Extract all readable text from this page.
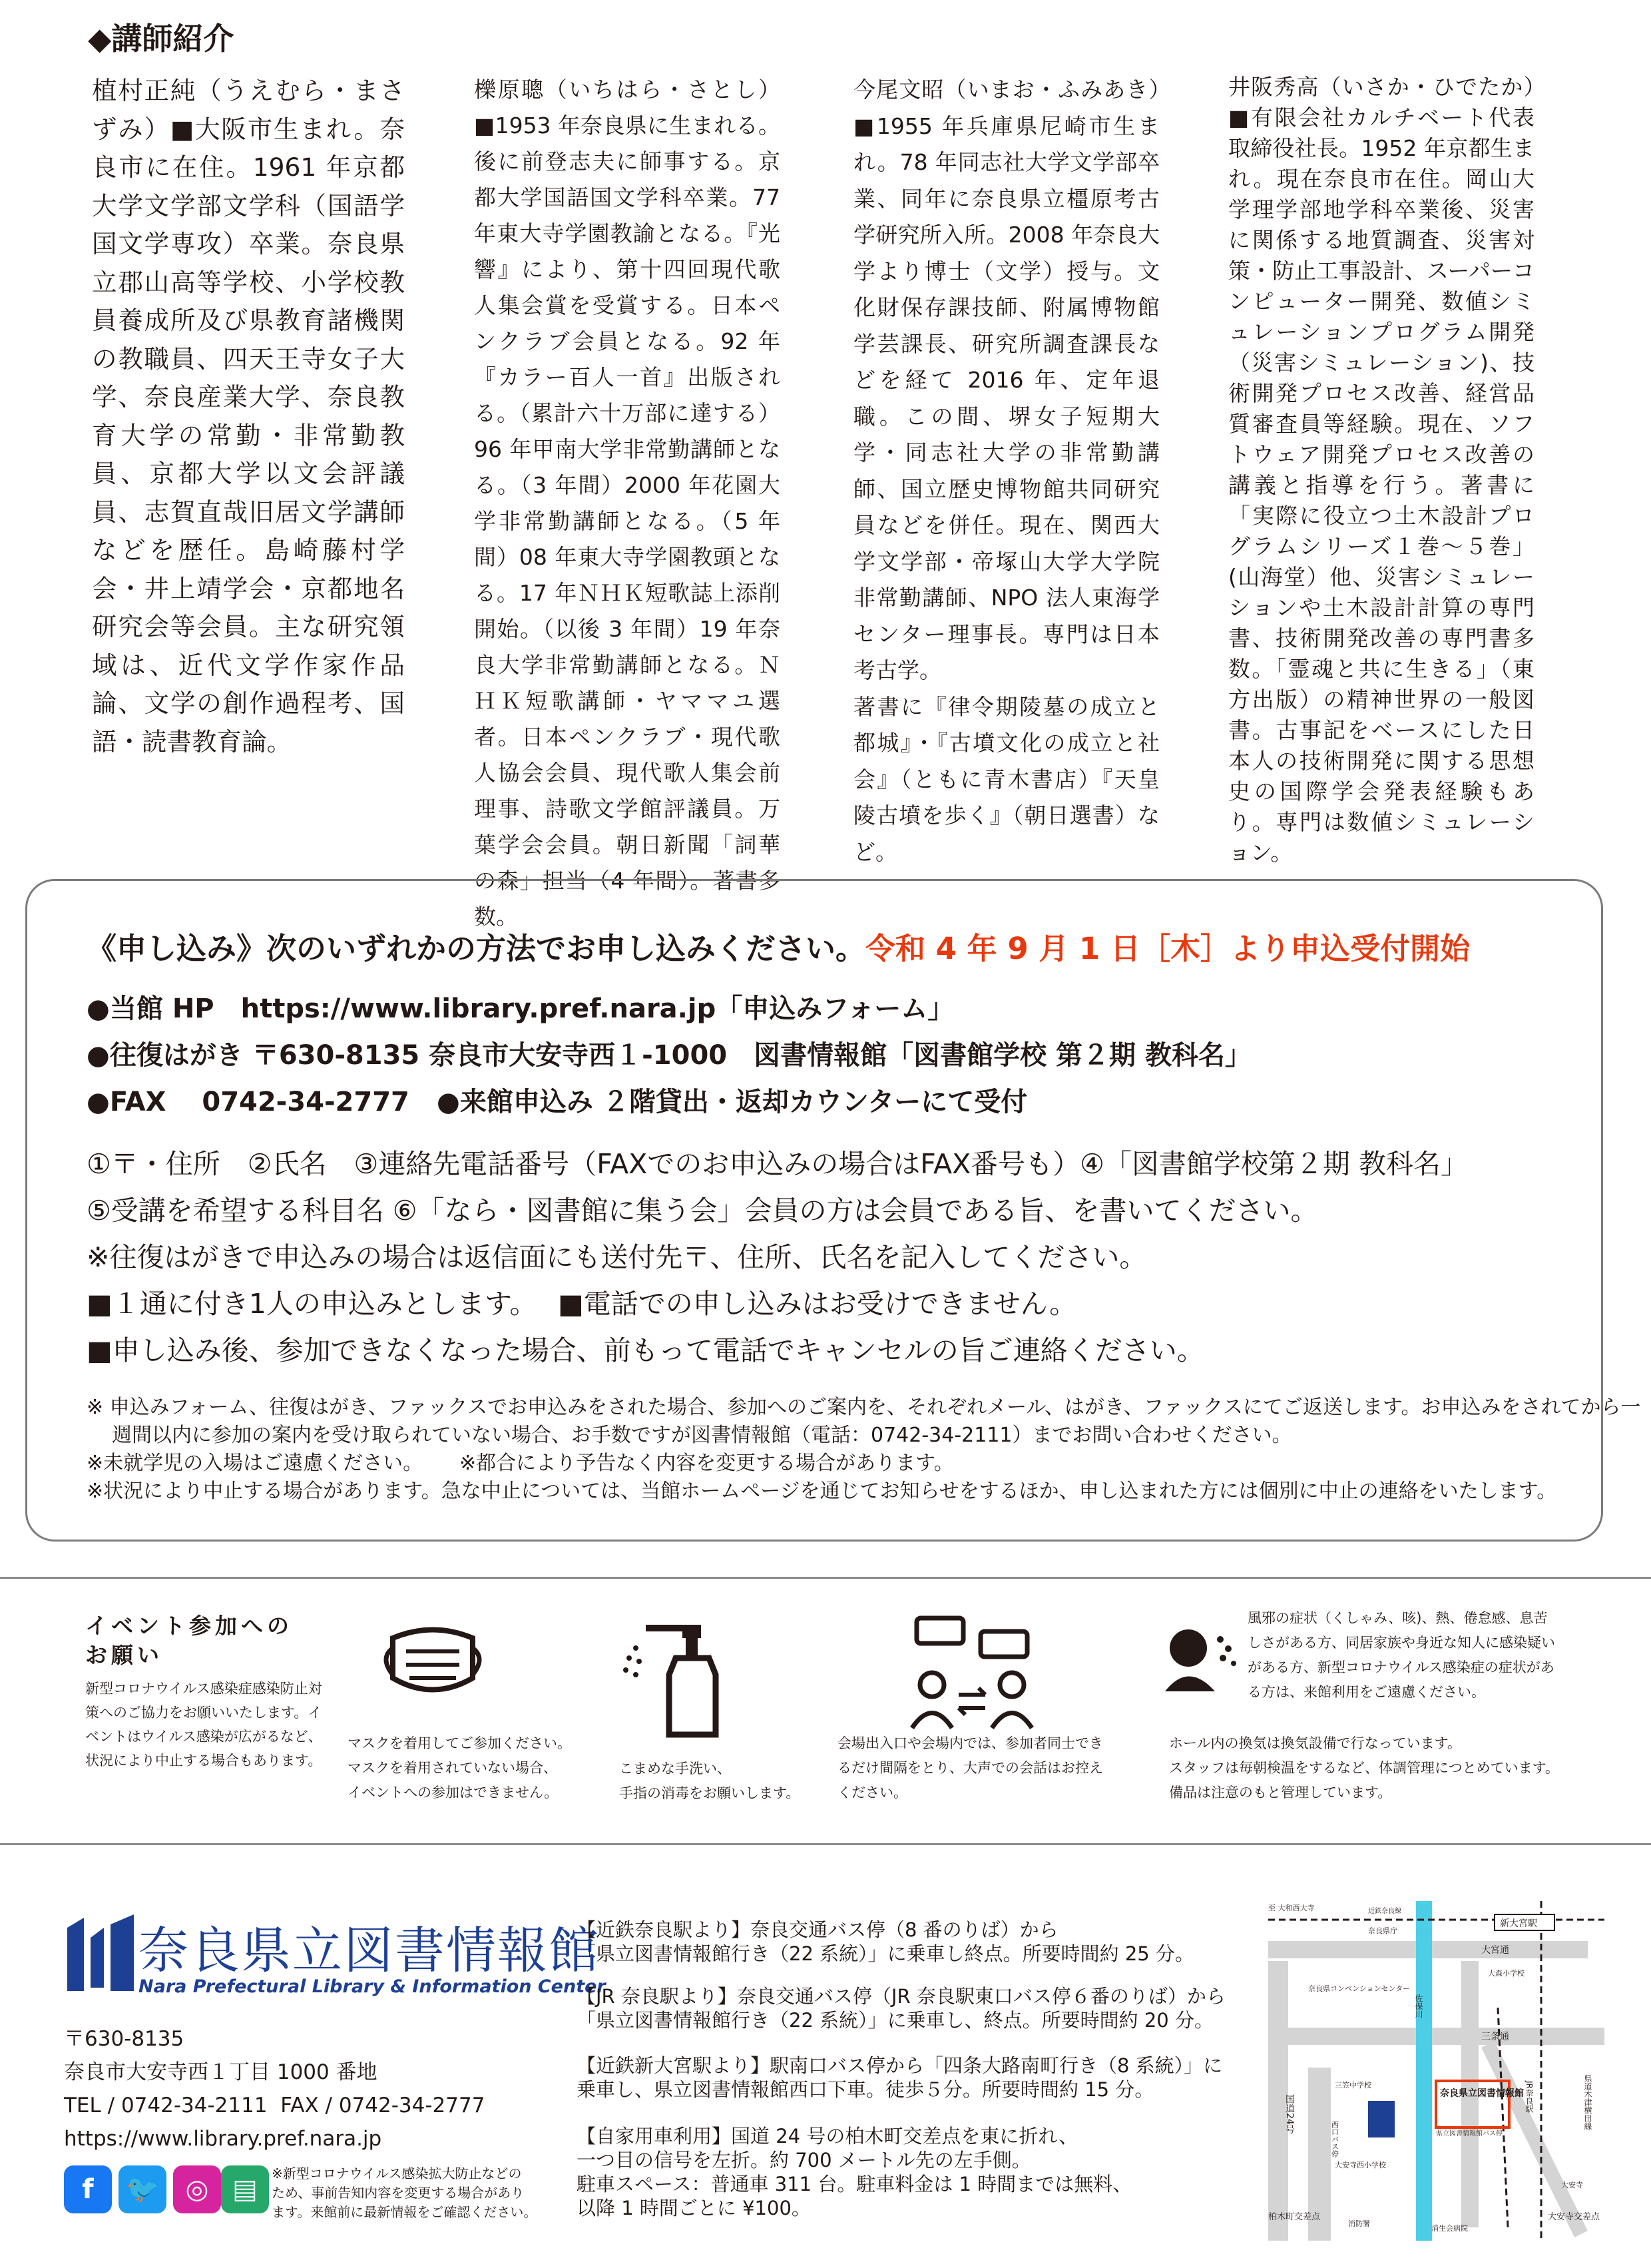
◆講師紹介
植村正純（うえむら・まさずみ）■大阪市生まれ。奈良市に在住。1961 年京都大学文学部文学科（国語学国文学専攻）卒業。奈良県立郡山高等学校、小学校教員養成所及び県教育諸機関の教職員、四天王寺女子大学、奈良産業大学、奈良教育大学の常勤・非常勤教員、京都大学以文会評議員、志賀直哉旧居文学講師などを歴任。島崎藤村学会・井上靖学会・京都地名研究会等会員。主な研究領域は、近代文学作家作品論、文学の創作過程考、国語・読書教育論。
櫟原聰（いちはら・さとし）■1953 年奈良県に生まれる。後に前登志夫に師事する。京都大学国語国文学科卒業。77 年東大寺学園教諭となる。『光響』により、第十四回現代歌人集会賞を受賞する。日本ペンクラブ会員となる。92 年『カラー百人一首』出版される。（累計六十万部に達する）96 年甲南大学非常勤講師となる。（3 年間）2000 年花園大学非常勤講師となる。（5 年間）08 年東大寺学園教頭となる。17 年ＮＨＫ短歌誌上添削開始。（以後 3 年間）19 年奈良大学非常勤講師となる。ＮＨＫ短歌講師・ヤママユ選者。日本ペンクラブ・現代歌人協会会員、現代歌人集会前理事、詩歌文学館評議員。万葉学会会員。朝日新聞「詞華の森」担当（4 年間）。著書多数。
今尾文昭（いまお・ふみあき）■1955 年兵庫県尼崎市生まれ。78 年同志社大学文学部卒業、同年に奈良県立橿原考古学研究所入所。2008 年奈良大学より博士（文学）授与。文化財保存課技師、附属博物館学芸課長、研究所調査課長などを経て 2016 年、定年退職。この間、堺女子短期大学・同志社大学の非常勤講師、国立歴史博物館共同研究員などを併任。現在、関西大学文学部・帝塚山大学大学院非常勤講師、NPO 法人東海学センター理事長。専門は日本考古学。
著書に『律令期陵墓の成立と都城』・『古墳文化の成立と社会』（ともに青木書店）『天皇陵古墳を歩く』（朝日選書）など。
井阪秀高（いさか・ひでたか）■有限会社カルチベート代表取締役社長。1952 年京都生まれ。現在奈良市在住。岡山大学理学部地学科卒業後、災害に関係する地質調査、災害対策・防止工事設計、スーパーコンピューター開発、数値シミュレーションプログラム開発（災害シミュレーション)、技術開発プロセス改善、経営品質審査員等経験。現在、ソフトウェア開発プロセス改善の講義と指導を行う。著書に「実際に役立つ土木設計プログラムシリーズ１巻～５巻」(山海堂）他、災害シミュレーションや土木設計計算の専門書、技術開発改善の専門書多数。「霊魂と共に生きる」（東方出版）の精神世界の一般図書。古事記をベースにした日本人の技術開発に関する思想史の国際学会発表経験もあり。専門は数値シミュレーション。
《申し込み》次のいずれかの方法でお申し込みください。令和 4 年 9 月 1 日［木］より申込受付開始
●当館 HP　https://www.library.pref.nara.jp「申込みフォーム」
●往復はがき 〒630-8135 奈良市大安寺西１-1000　図書情報館「図書館学校 第２期 教科名」
●FAX　 0742-34-2777 ●来館申込み ２階貸出・返却カウンターにて受付
①〒・住所　②氏名　③連絡先電話番号（FAXでのお申込みの場合はFAX番号も）④「図書館学校第２期 教科名」
⑤受講を希望する科目名 ⑥「なら・図書館に集う会」会員の方は会員である旨、を書いてください。
※往復はがきで申込みの場合は返信面にも送付先〒、住所、氏名を記入してください。
■１通に付き1人の申込みとします。 ■電話での申し込みはお受けできません。
■申し込み後、参加できなくなった場合、前もって電話でキャンセルの旨ご連絡ください。
※ 申込みフォーム、往復はがき、ファックスでお申込みをされた場合、参加へのご案内を、それぞれメール、はがき、ファックスにてご返送します。お申込みをされてから一
週間以内に参加の案内を受け取られていない場合、お手数ですが図書情報館（電話：0742-34-2111）までお問い合わせください。
※未就学児の入場はご遠慮ください。 ※都合により予告なく内容を変更する場合があります。
※状況により中止する場合があります。急な中止については、当館ホームページを通じてお知らせをするほか、申し込まれた方には個別に中止の連絡をいたします。
イベント参加への
お願い
新型コロナウイルス感染症感染防止対策へのご協力をお願いいたします。イベントはウイルス感染が広がるなど、状況により中止する場合もあります。
マスクを着用してご参加ください。
マスクを着用されていない場合、
イベントへの参加はできません。
こまめな手洗い、
手指の消毒をお願いします。
会場出入口や会場内では、参加者同士でき
るだけ間隔をとり、大声での会話はお控え
ください。
風邪の症状（くしゃみ、咳)、熱、倦怠感、息苦
しさがある方、同居家族や身近な知人に感染疑い
がある方、新型コロナウイルス感染症の症状があ
る方は、来館利用をご遠慮ください。
ホール内の換気は換気設備で行なっています。
スタッフは毎朝検温をするなど、体調管理につとめています。
備品は注意のもと管理しています。
奈良県立図書情報館
Nara Prefectural Library & Information Center
〒630-8135
奈良市大安寺西１丁目 1000 番地
TEL / 0742-34-2111  FAX / 0742-34-2777
https://www.library.pref.nara.jp
f	🐦 ◎ ▤
※新型コロナウイルス感染拡大防止などの
ため、事前告知内容を変更する場合があり
ます。来館前に最新情報をご確認ください。
【近鉄奈良駅より】奈良交通バス停（8 番のりば）から
「県立図書情報館行き（22 系統）」に乗車し終点。所要時間約 25 分。
【JR 奈良駅より】奈良交通バス停（JR 奈良駅東口バス停６番のりば）から
「県立図書情報館行き（22 系統）」に乗車し、終点。所要時間約 20 分。
【近鉄新大宮駅より】駅南口バス停から「四条大路南町行き（8 系統）」に
乗車し、県立図書情報館西口下車。徒歩５分。所要時間約 15 分。
【自家用車利用】国道 24 号の柏木町交差点を東に折れ、
一つ目の信号を左折。約 700 メートル先の左手側。
駐車スペース：普通車 311 台。駐車料金は 1 時間までは無料、
以降 1 時間ごとに ¥100。
奈良県立図書情報館
至 大和西大寺	近鉄奈良線
新大宮駅
奈良県庁
大宮通
大森小学校
奈良県コンベンションセンター
三条通
佐保川
JR奈良駅
国道24号
三笠中学校
県立図書情報館バス停
西口バス停
大安寺西小学校
県道木津横田線
大安寺
柏木町交差点
消防署
消生会病院
大安寺交差点
